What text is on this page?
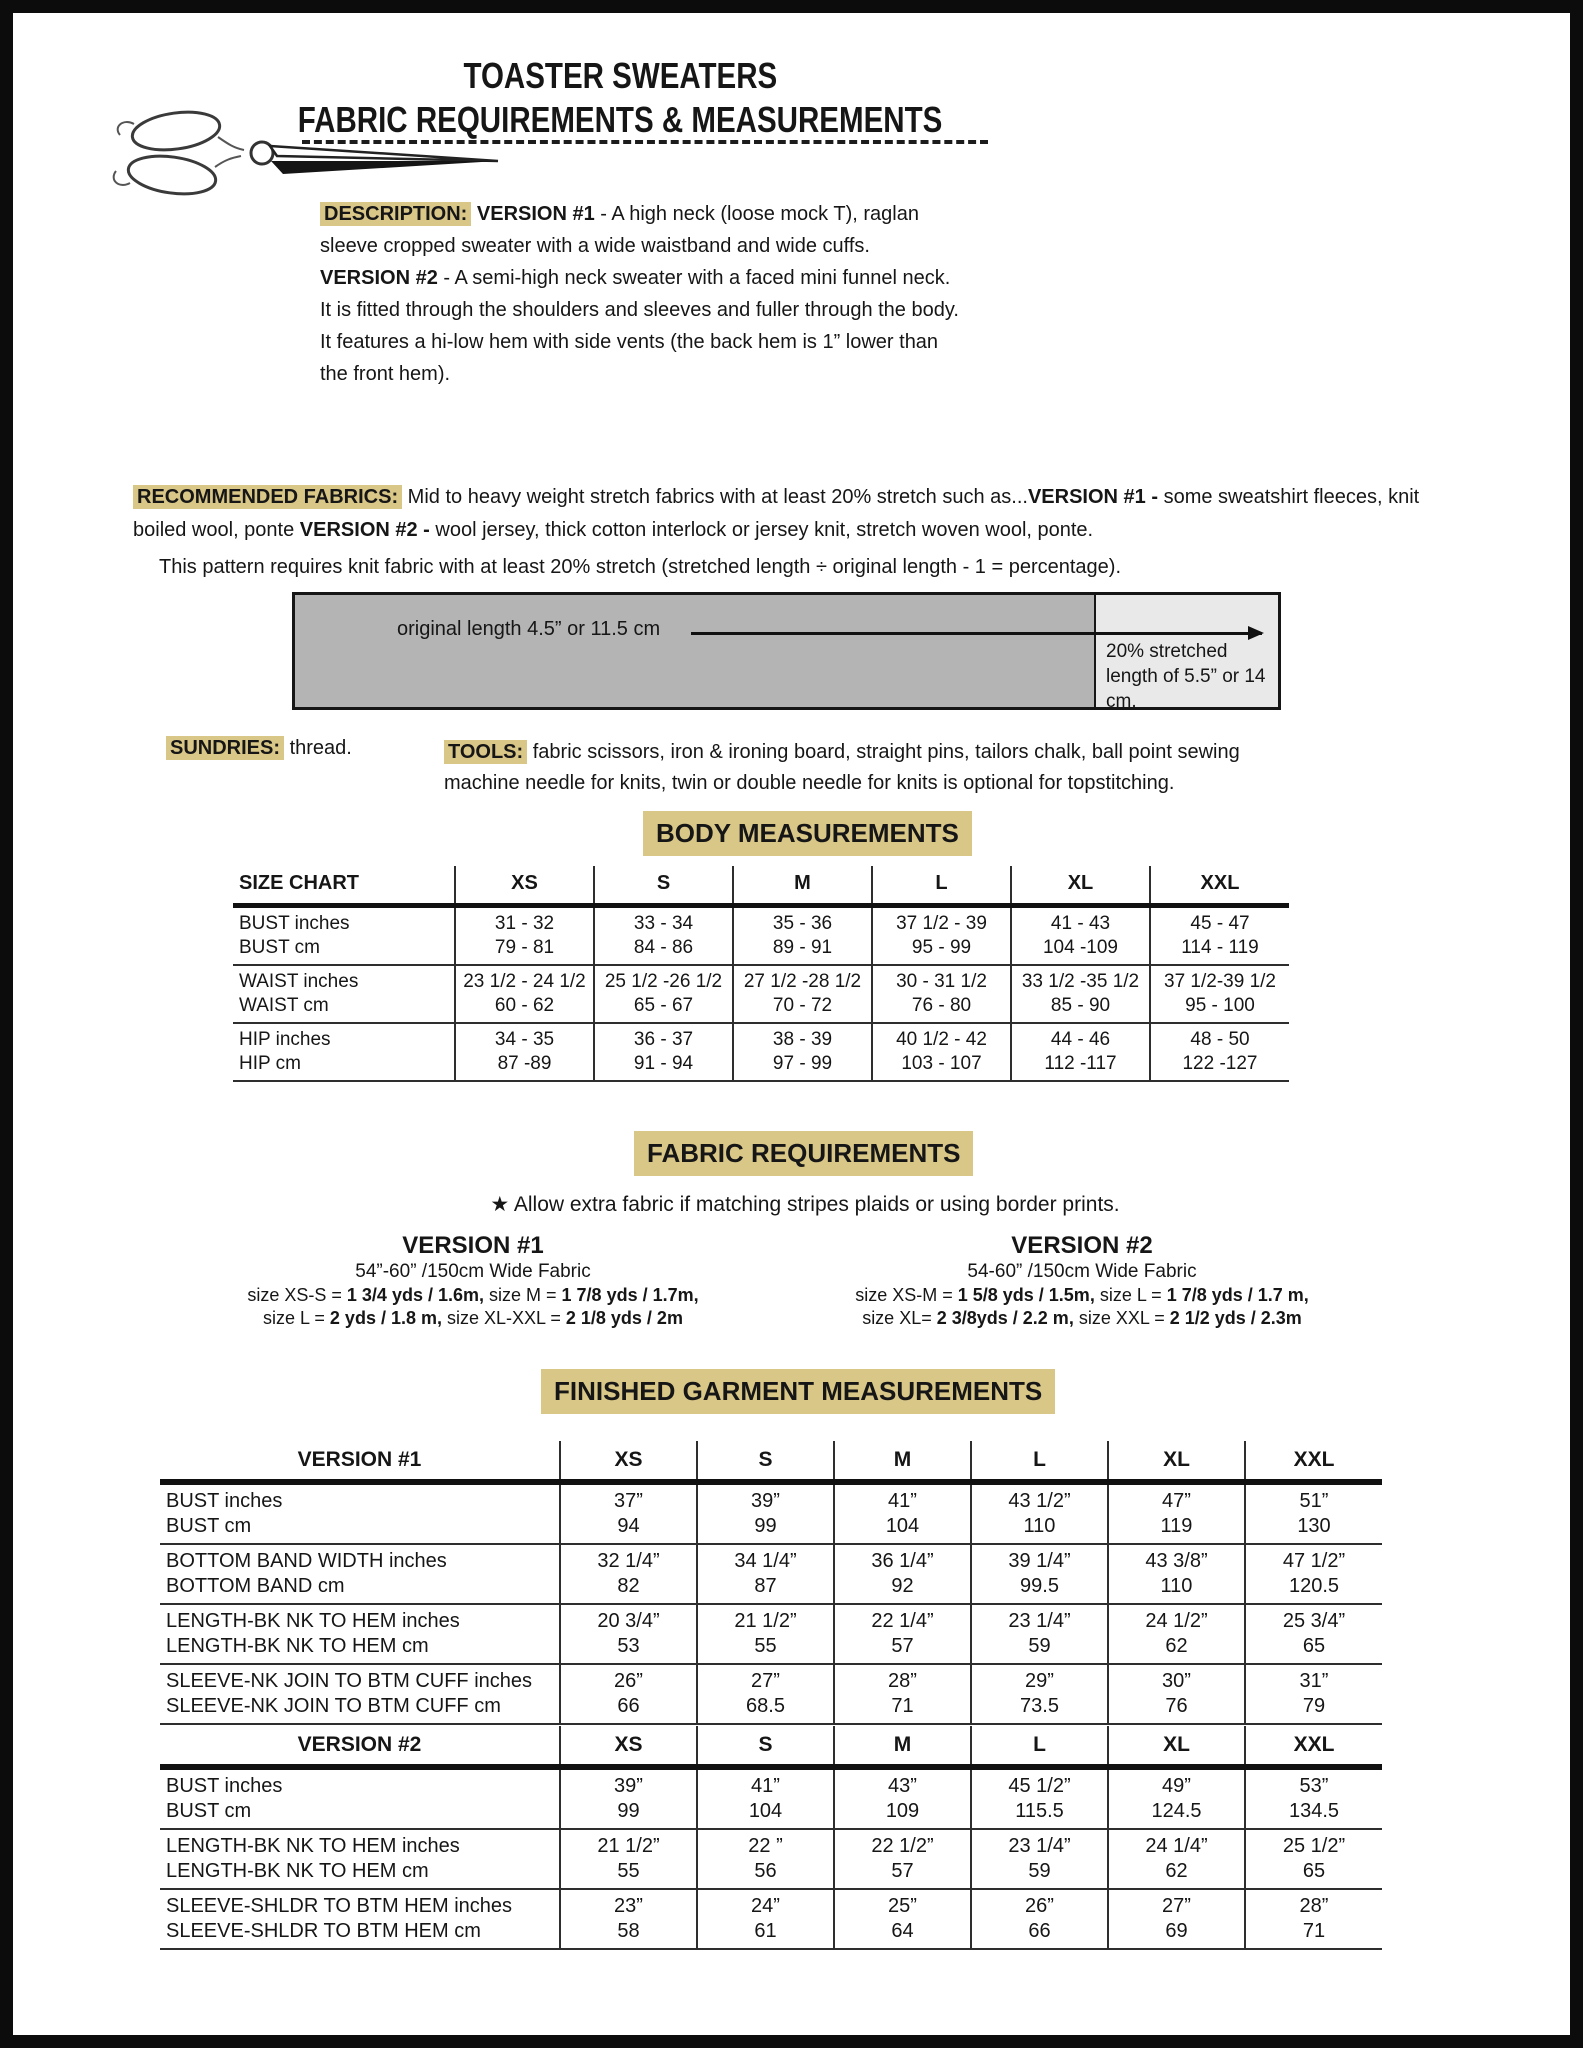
TOASTER SWEATERS
FABRIC REQUIREMENTS & MEASUREMENTS

DESCRIPTION: VERSION #1 - A high neck (loose mock T), raglan sleeve cropped sweater with a wide waistband and wide cuffs.
VERSION #2 - A semi-high neck sweater with a faced mini funnel neck. It is fitted through the shoulders and sleeves and fuller through the body. It features a hi-low hem with side vents (the back hem is 1” lower than the front hem).

RECOMMENDED FABRICS: Mid to heavy weight stretch fabrics with at least 20% stretch such as...VERSION #1 - some sweatshirt fleeces, knit boiled wool, ponte VERSION #2 - wool jersey, thick cotton interlock or jersey knit, stretch woven wool, ponte.

This pattern requires knit fabric with at least 20% stretch (stretched length ÷ original length - 1 = percentage).

original length 4.5” or 11.5 cm
20% stretched length of 5.5” or 14 cm.

SUNDRIES: thread.	TOOLS: fabric scissors, iron & ironing board, straight pins, tailors chalk, ball point sewing machine needle for knits, twin or double needle for knits is optional for topstitching.

BODY MEASUREMENTS
SIZE CHART	XS	S	M	L	XL	XXL
BUST inches	31 - 32	33 - 34	35 - 36	37 1/2 - 39	41 - 43	45 - 47
BUST cm	79 - 81	84 - 86	89 - 91	95 - 99	104 -109	114 - 119
WAIST inches	23 1/2 - 24 1/2	25 1/2 -26 1/2	27 1/2 -28 1/2	30 - 31 1/2	33 1/2 -35 1/2	37 1/2-39 1/2
WAIST cm	60 - 62	65 - 67	70 - 72	76 - 80	85 - 90	95 - 100
HIP inches	34 - 35	36 - 37	38 - 39	40 1/2 - 42	44 - 46	48 - 50
HIP cm	87 -89	91 - 94	97 - 99	103 - 107	112 -117	122 -127
FABRIC REQUIREMENTS

★ Allow extra fabric if matching stripes plaids or using border prints.

VERSION #1
54”-60” /150cm Wide Fabric
size XS-S = 1 3/4 yds / 1.6m, size M = 1 7/8 yds / 1.7m,
size L = 2 yds / 1.8 m, size XL-XXL = 2 1/8 yds / 2m
VERSION #2
54-60” /150cm Wide Fabric
size XS-M = 1 5/8 yds / 1.5m, size L = 1 7/8 yds / 1.7 m,
size XL= 2 3/8yds / 2.2 m, size XXL = 2 1/2 yds / 2.3m
FINISHED GARMENT MEASUREMENTS
VERSION #1	XS	S	M	L	XL	XXL
BUST inches	37”	39”	41”	43 1/2”	47”	51”
BUST cm	94	99	104	110	119	130
BOTTOM BAND WIDTH inches	32 1/4”	34 1/4”	36 1/4”	39 1/4”	43 3/8”	47 1/2”
BOTTOM BAND cm	82	87	92	99.5	110	120.5
LENGTH-BK NK TO HEM inches	20 3/4”	21 1/2”	22 1/4”	23 1/4”	24 1/2”	25 3/4”
LENGTH-BK NK TO HEM cm	53	55	57	59	62	65
SLEEVE-NK JOIN TO BTM CUFF inches	26”	27”	28”	29”	30”	31”
SLEEVE-NK JOIN TO BTM CUFF cm	66	68.5	71	73.5	76	79
VERSION #2	XS	S	M	L	XL	XXL
BUST inches	39”	41”	43”	45 1/2”	49”	53”
BUST cm	99	104	109	115.5	124.5	134.5
LENGTH-BK NK TO HEM inches	21 1/2”	22 ”	22 1/2”	23 1/4”	24 1/4”	25 1/2”
LENGTH-BK NK TO HEM cm	55	56	57	59	62	65
SLEEVE-SHLDR TO BTM HEM inches	23”	24”	25”	26”	27”	28”
SLEEVE-SHLDR TO BTM HEM cm	58	61	64	66	69	71
